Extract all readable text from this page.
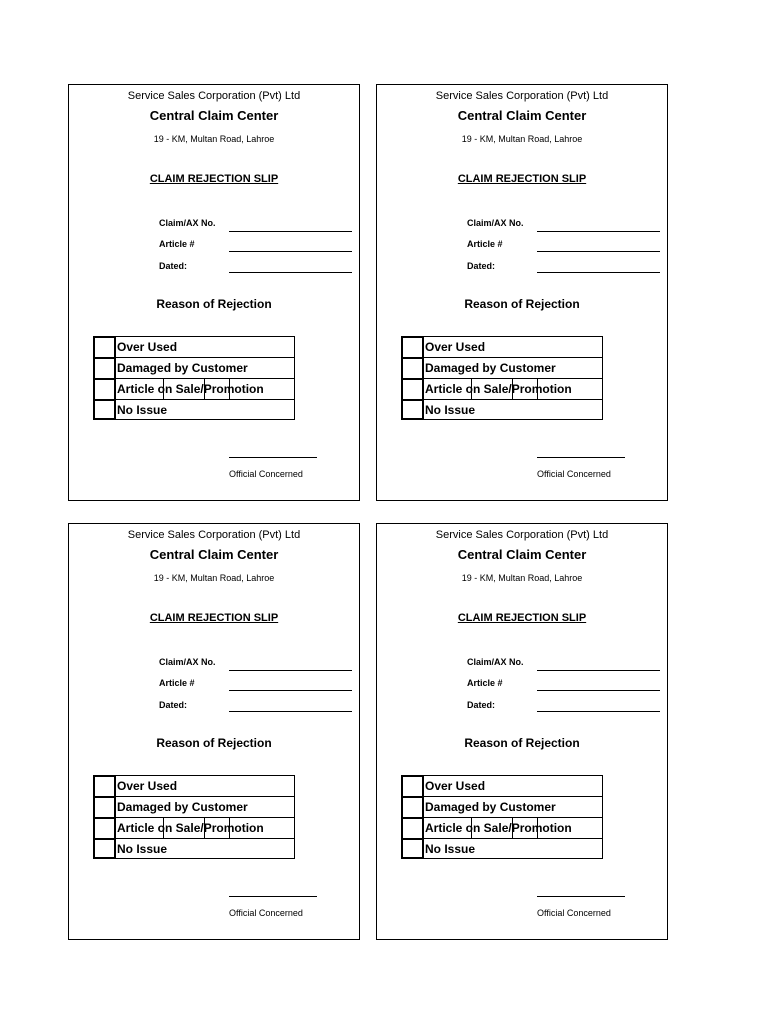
Service Sales Corporation (Pvt) Ltd
Central Claim Center
19 - KM, Multan Road, Lahroe
CLAIM REJECTION SLIP
Claim/AX No.
Article #
Dated:
Reason of Rejection
Over Used
Damaged by Customer
Article on Sale/Promotion
No Issue
Official Concerned
Service Sales Corporation (Pvt) Ltd
Central Claim Center
19 - KM, Multan Road, Lahroe
CLAIM REJECTION SLIP
Claim/AX No.
Article #
Dated:
Reason of Rejection
Over Used
Damaged by Customer
Article on Sale/Promotion
No Issue
Official Concerned
Service Sales Corporation (Pvt) Ltd
Central Claim Center
19 - KM, Multan Road, Lahroe
CLAIM REJECTION SLIP
Claim/AX No.
Article #
Dated:
Reason of Rejection
Over Used
Damaged by Customer
Article on Sale/Promotion
No Issue
Official Concerned
Service Sales Corporation (Pvt) Ltd
Central Claim Center
19 - KM, Multan Road, Lahroe
CLAIM REJECTION SLIP
Claim/AX No.
Article #
Dated:
Reason of Rejection
Over Used
Damaged by Customer
Article on Sale/Promotion
No Issue
Official Concerned
